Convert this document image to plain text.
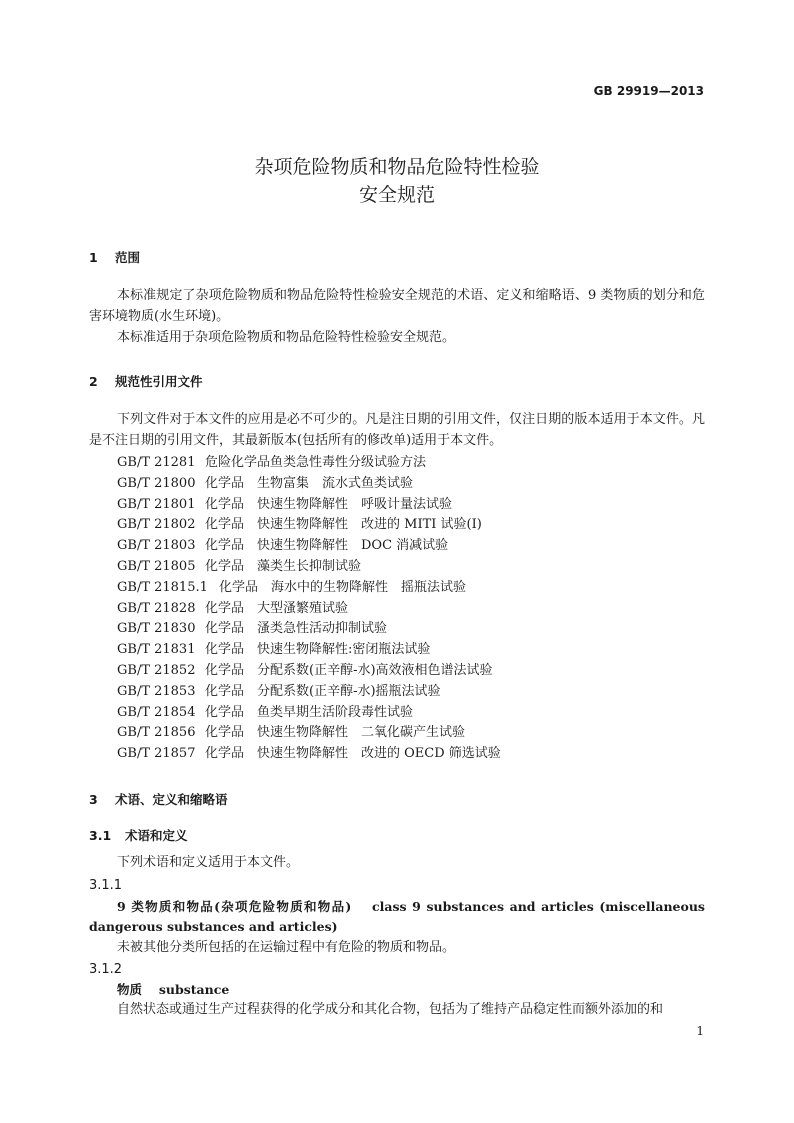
GB 29919—2013
杂项危险物质和物品危险特性检验
安全规范
1 范围
本标准规定了杂项危险物质和物品危险特性检验安全规范的术语、定义和缩略语、9 类物质的划分和危害环境物质(水生环境)。
本标准适用于杂项危险物质和物品危险特性检验安全规范。
2 规范性引用文件
下列文件对于本文件的应用是必不可少的。凡是注日期的引用文件，仅注日期的版本适用于本文件。凡是不注日期的引用文件，其最新版本(包括所有的修改单)适用于本文件。
GB/T 21281 危险化学品鱼类急性毒性分级试验方法
GB/T 21800 化学品　生物富集　流水式鱼类试验
GB/T 21801 化学品　快速生物降解性　呼吸计量法试验
GB/T 21802 化学品　快速生物降解性　改进的 MITI 试验(Ⅰ)
GB/T 21803 化学品　快速生物降解性　DOC 消减试验
GB/T 21805 化学品　藻类生长抑制试验
GB/T 21815.1 化学品　海水中的生物降解性　摇瓶法试验
GB/T 21828 化学品　大型溞繁殖试验
GB/T 21830 化学品　溞类急性活动抑制试验
GB/T 21831 化学品　快速生物降解性:密闭瓶法试验
GB/T 21852 化学品　分配系数(正辛醇-水)高效液相色谱法试验
GB/T 21853 化学品　分配系数(正辛醇-水)摇瓶法试验
GB/T 21854 化学品　鱼类早期生活阶段毒性试验
GB/T 21856 化学品　快速生物降解性　二氧化碳产生试验
GB/T 21857 化学品　快速生物降解性　改进的 OECD 筛选试验
3 术语、定义和缩略语
3.1 术语和定义
下列术语和定义适用于本文件。
3.1.1
9 类物质和物品(杂项危险物质和物品)　 class 9 substances and articles (miscellaneous dangerous substances and articles)
未被其他分类所包括的在运输过程中有危险的物质和物品。
3.1.2
物质　 substance
自然状态或通过生产过程获得的化学成分和其化合物，包括为了维持产品稳定性而额外添加的和
1
